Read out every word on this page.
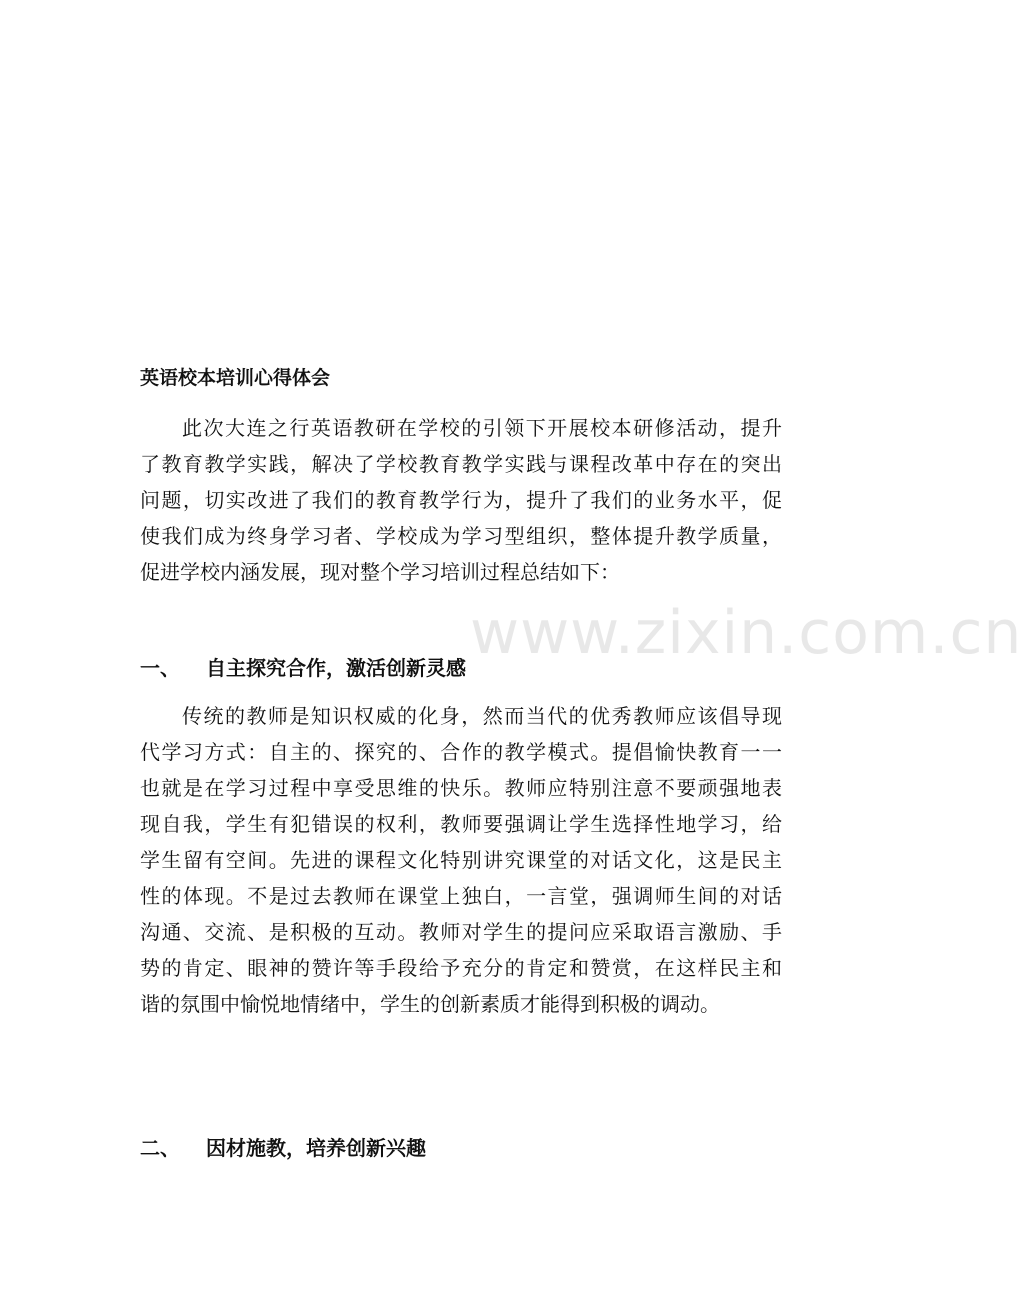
英语校本培训心得体会
此次大连之行英语教研在学校的引领下开展校本研修活动，提升
了教育教学实践，解决了学校教育教学实践与课程改革中存在的突出
问题，切实改进了我们的教育教学行为，提升了我们的业务水平，促
使我们成为终身学习者、学校成为学习型组织，整体提升教学质量，
促进学校内涵发展，现对整个学习培训过程总结如下：
www.zixin.com.cn
一、 自主探究合作，激活创新灵感
传统的教师是知识权威的化身，然而当代的优秀教师应该倡导现
代学习方式：自主的、探究的、合作的教学模式。提倡愉快教育一一
也就是在学习过程中享受思维的快乐。教师应特别注意不要顽强地表
现自我，学生有犯错误的权利，教师要强调让学生选择性地学习，给
学生留有空间。先进的课程文化特别讲究课堂的对话文化，这是民主
性的体现。不是过去教师在课堂上独白，一言堂，强调师生间的对话
沟通、交流、是积极的互动。教师对学生的提问应采取语言激励、手
势的肯定、眼神的赞许等手段给予充分的肯定和赞赏，在这样民主和
谐的氛围中愉悦地情绪中，学生的创新素质才能得到积极的调动。
二、 因材施教，培养创新兴趣
